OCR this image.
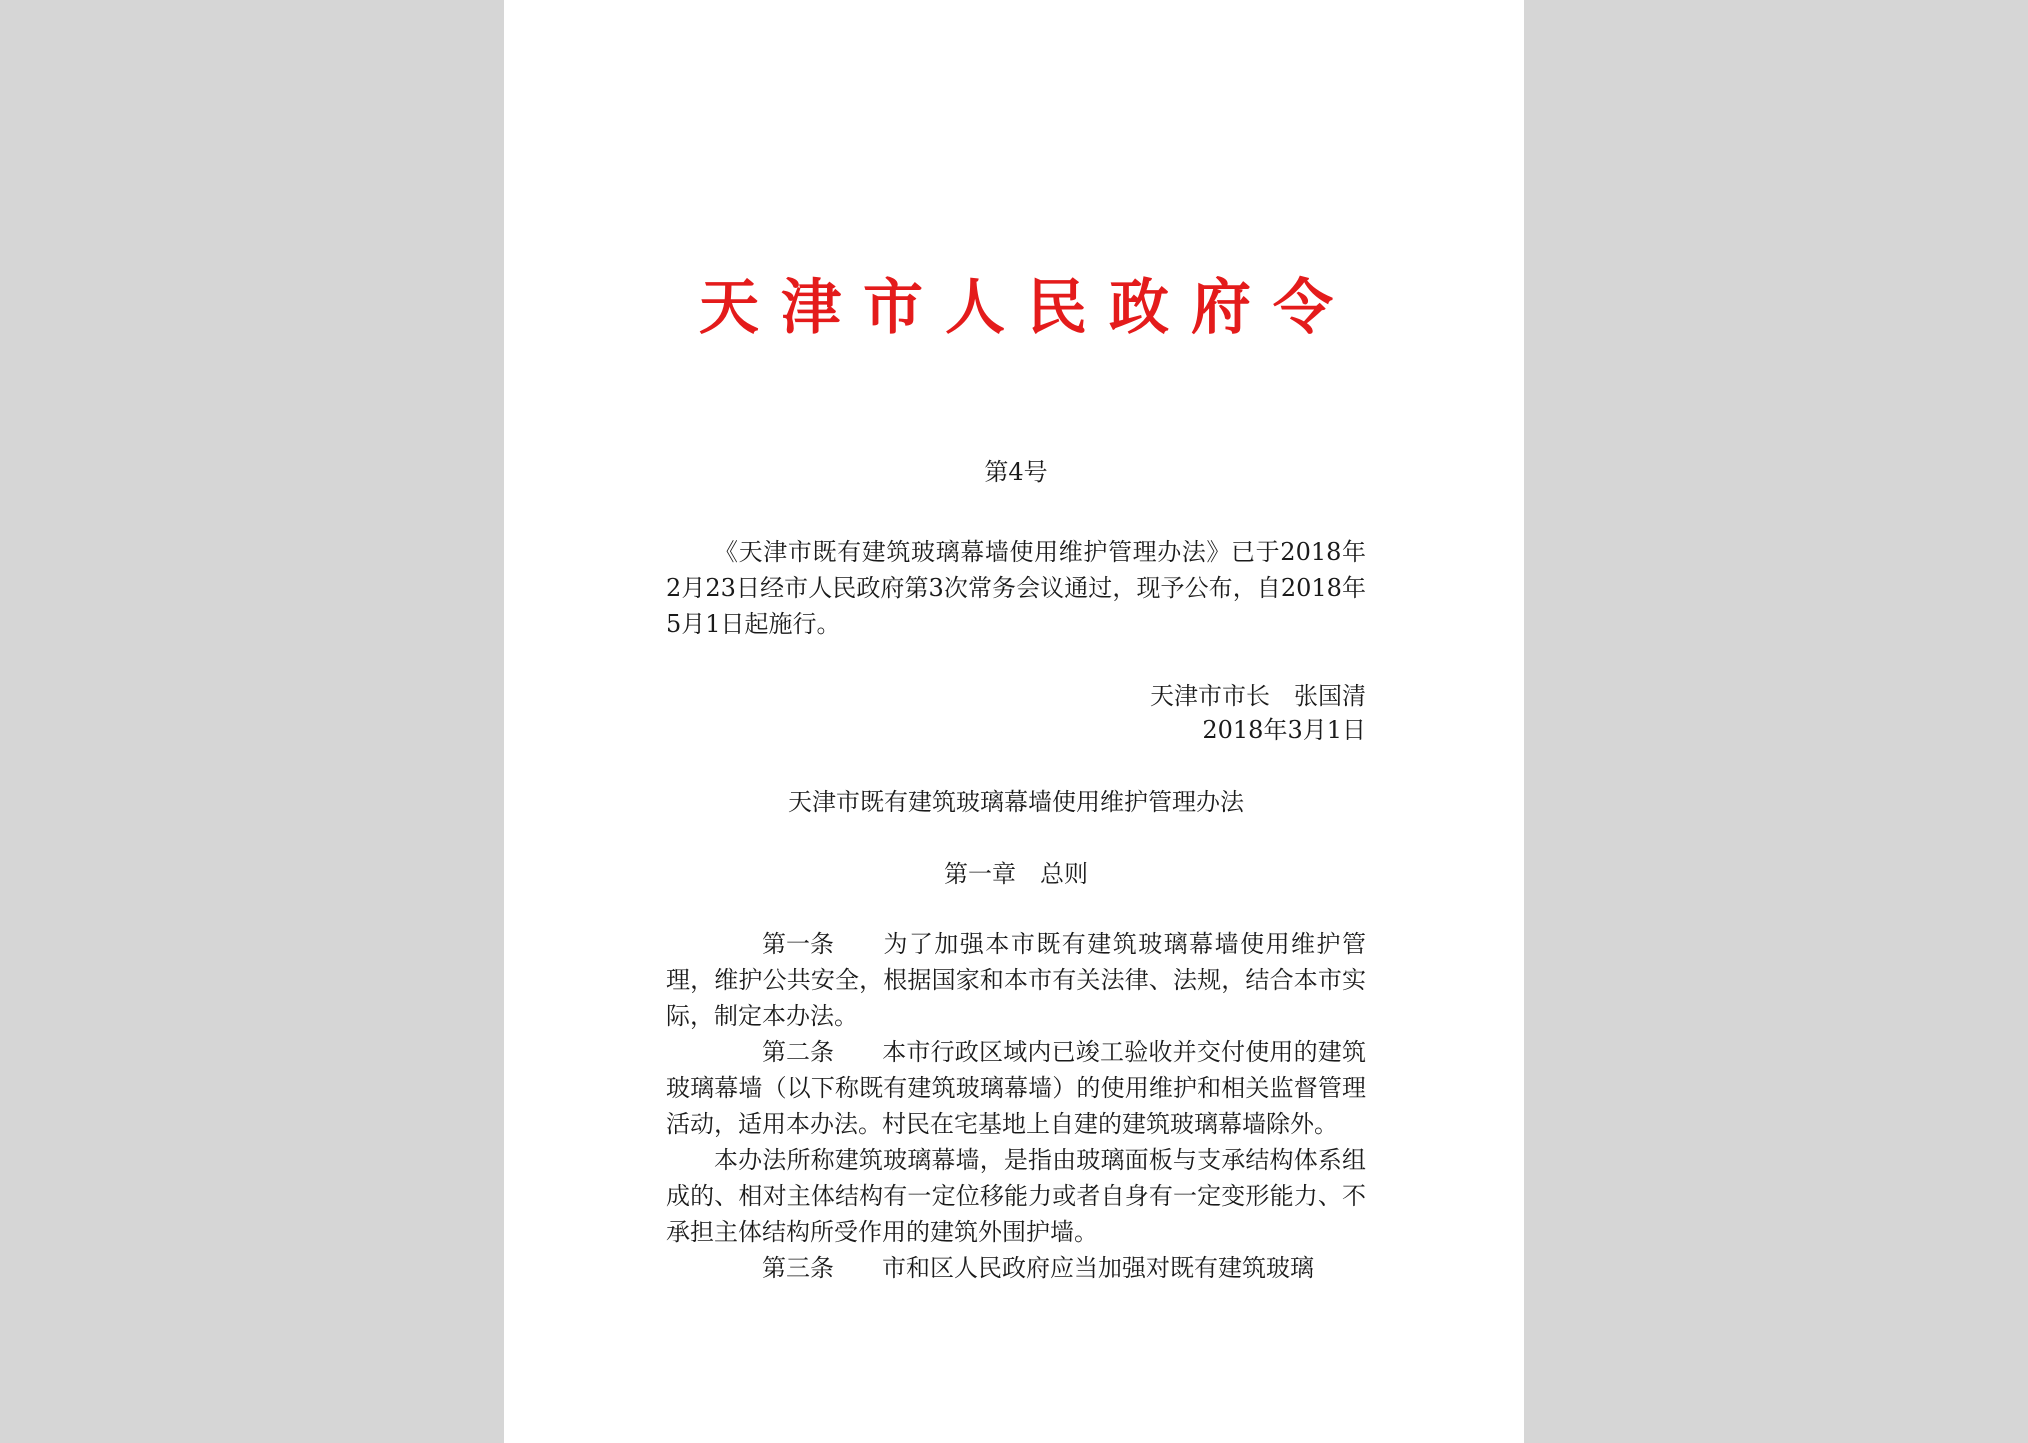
天津市人民政府令

第4号

《天津市既有建筑玻璃幕墙使用维护管理办法》已于2018年2月23日经市人民政府第3次常务会议通过，现予公布，自2018年5月1日起施行。

天津市市长　张国清

2018年3月1日

天津市既有建筑玻璃幕墙使用维护管理办法

第一章　总则

第一条 为了加强本市既有建筑玻璃幕墙使用维护管理，维护公共安全，根据国家和本市有关法律、法规，结合本市实际，制定本办法。

第二条 本市行政区域内已竣工验收并交付使用的建筑玻璃幕墙（以下称既有建筑玻璃幕墙）的使用维护和相关监督管理活动，适用本办法。村民在宅基地上自建的建筑玻璃幕墙除外。

本办法所称建筑玻璃幕墙，是指由玻璃面板与支承结构体系组成的、相对主体结构有一定位移能力或者自身有一定变形能力、不承担主体结构所受作用的建筑外围护墙。

第三条 市和区人民政府应当加强对既有建筑玻璃
